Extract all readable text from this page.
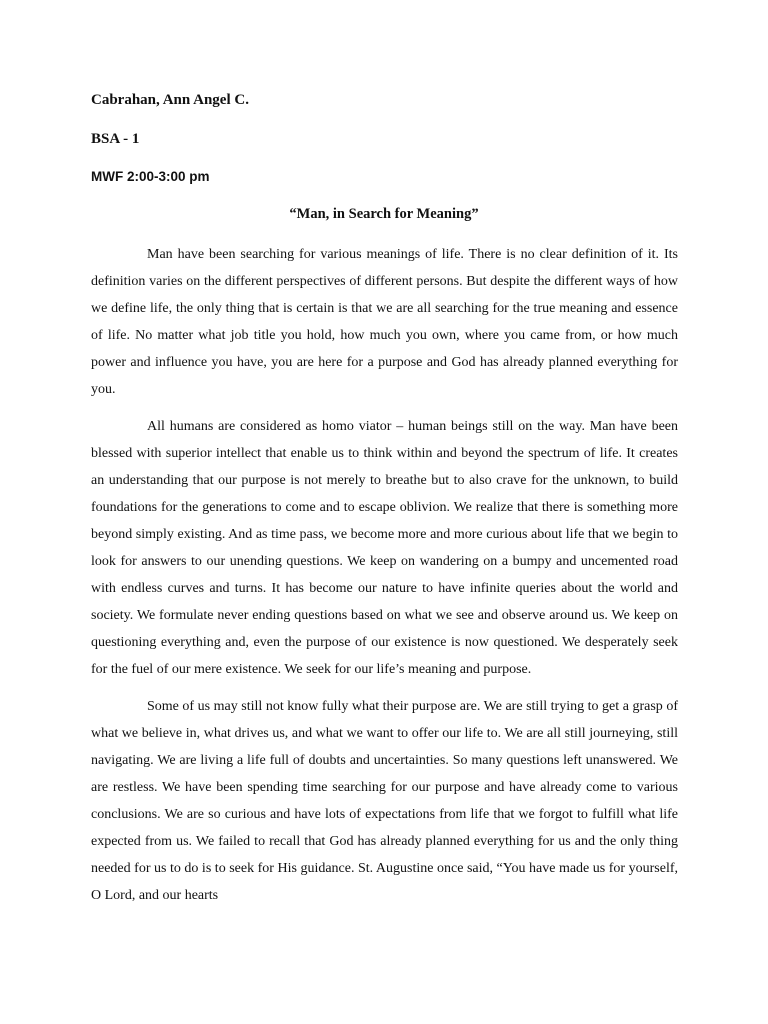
Cabrahan, Ann Angel C.
BSA - 1
MWF 2:00-3:00 pm
“Man, in Search for Meaning”

Man have been searching for various meanings of life. There is no clear definition of it. Its definition varies on the different perspectives of different persons. But despite the different ways of how we define life, the only thing that is certain is that we are all searching for the true meaning and essence of life. No matter what job title you hold, how much you own, where you came from, or how much power and influence you have, you are here for a purpose and God has already planned everything for you.

All humans are considered as homo viator – human beings still on the way. Man have been blessed with superior intellect that enable us to think within and beyond the spectrum of life. It creates an understanding that our purpose is not merely to breathe but to also crave for the unknown, to build foundations for the generations to come and to escape oblivion. We realize that there is something more beyond simply existing. And as time pass, we become more and more curious about life that we begin to look for answers to our unending questions. We keep on wandering on a bumpy and uncemented road with endless curves and turns. It has become our nature to have infinite queries about the world and society. We formulate never ending questions based on what we see and observe around us. We keep on questioning everything and, even the purpose of our existence is now questioned. We desperately seek for the fuel of our mere existence. We seek for our life’s meaning and purpose.

Some of us may still not know fully what their purpose are. We are still trying to get a grasp of what we believe in, what drives us, and what we want to offer our life to. We are all still journeying, still navigating. We are living a life full of doubts and uncertainties. So many questions left unanswered. We are restless. We have been spending time searching for our purpose and have already come to various conclusions. We are so curious and have lots of expectations from life that we forgot to fulfill what life expected from us. We failed to recall that God has already planned everything for us and the only thing needed for us to do is to seek for His guidance. St. Augustine once said, “You have made us for yourself, O Lord, and our hearts
